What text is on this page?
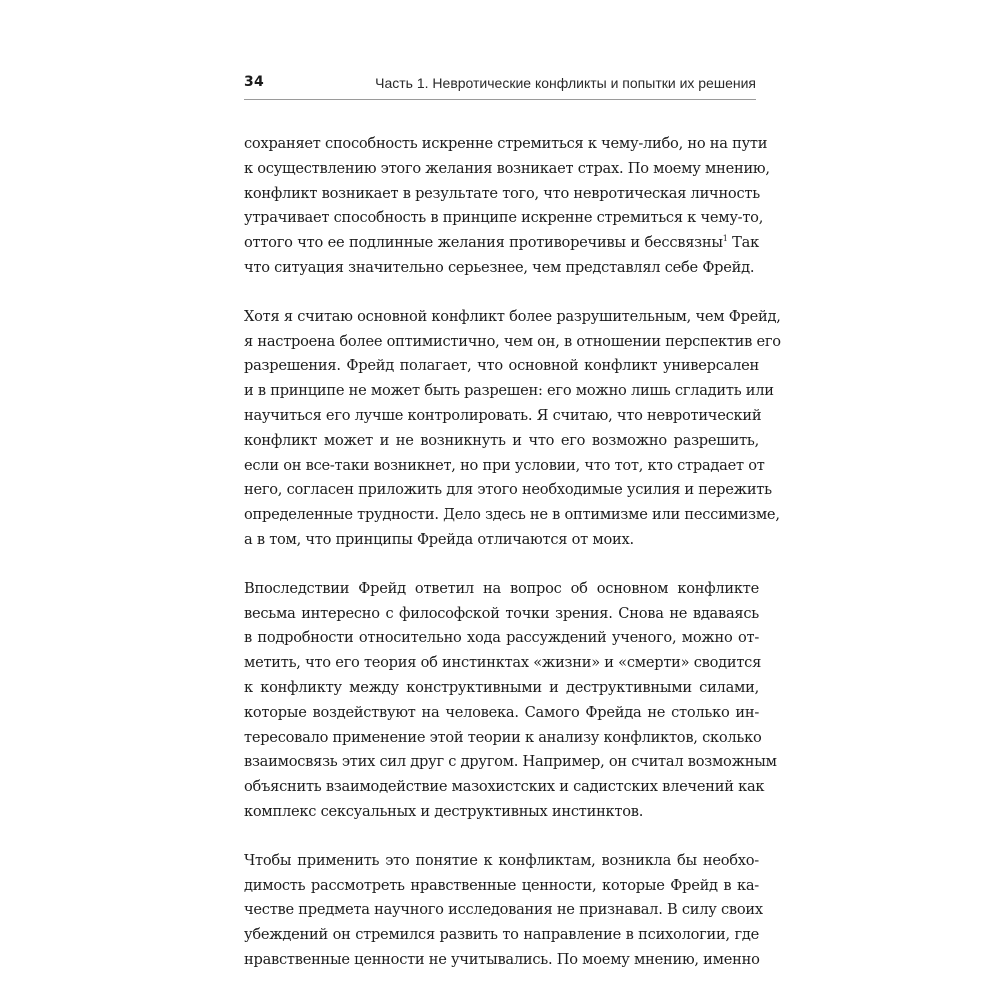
34	Часть 1. Невротические конфликты и попытки их решения
сохраняет способность искренне стремиться к чему-либо, но на пути
к осуществлению этого желания возникает страх. По моему мнению,
конфликт возникает в результате того, что невротическая личность
утрачивает способность в принципе искренне стремиться к чему-то,
оттого что ее подлинные желания противоречивы и бессвязны$^1$ Так
что ситуация значительно серьезнее, чем представлял себе Фрейд.
Хотя я считаю основной конфликт более разрушительным, чем Фрейд,
я настроена более оптимистично, чем он, в отношении перспектив его
разрешения. Фрейд полагает, что основной конфликт универсален
и в принципе не может быть разрешен: его можно лишь сгладить или
научиться его лучше контролировать. Я считаю, что невротический
конфликт может и не возникнуть и что его возможно разрешить,
если он все-таки возникнет, но при условии, что тот, кто страдает от
него, согласен приложить для этого необходимые усилия и пережить
определенные трудности. Дело здесь не в оптимизме или пессимизме,
а в том, что принципы Фрейда отличаются от моих.
Впоследствии Фрейд ответил на вопрос об основном конфликте
весьма интересно с философской точки зрения. Снова не вдаваясь
в подробности относительно хода рассуждений ученого, можно от-
метить, что его теория об инстинктах «жизни» и «смерти» сводится
к конфликту между конструктивными и деструктивными силами,
которые воздействуют на человека. Самого Фрейда не столько ин-
тересовало применение этой теории к анализу конфликтов, сколько
взаимосвязь этих сил друг с другом. Например, он считал возможным
объяснить взаимодействие мазохистских и садистских влечений как
комплекс сексуальных и деструктивных инстинктов.
Чтобы применить это понятие к конфликтам, возникла бы необхо-
димость рассмотреть нравственные ценности, которые Фрейд в ка-
честве предмета научного исследования не признавал. В силу своих
убеждений он стремился развить то направление в психологии, где
нравственные ценности не учитывались. По моему мнению, именно
